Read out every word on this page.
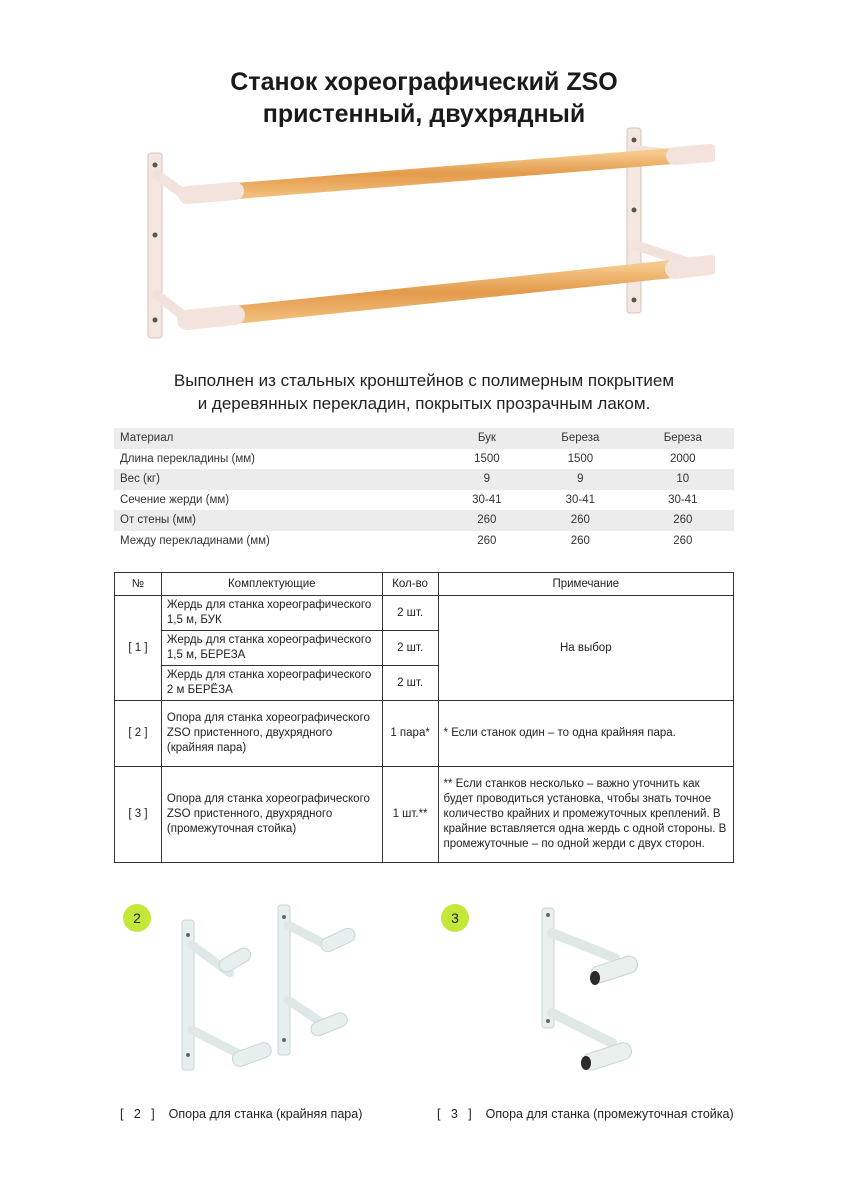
Станок хореографический ZSO
пристенный, двухрядный
Выполнен из стальных кронштейнов с полимерным покрытием
и деревянных перекладин, покрытых прозрачным лаком.
Материал	Бук	Береза	Береза
Длина перекладины (мм)	1500	1500	2000
Вес (кг)	9	9	10
Сечение жерди (мм)	30-41	30-41	30-41
От стены (мм)	260	260	260
Между перекладинами (мм)	260	260	260
№	Комплектующие	Кол-во	Примечание
[ 1 ]	Жердь для станка хореографического 1,5 м, БУК	2 шт.	На выбор
	Жердь для станка хореографического 1,5 м, БЕРЕЗА	2 шт.	
	Жердь для станка хореографического 2 м БЕРЁЗА	2 шт.	
[ 2 ]	Опора для станка хореографического ZSO пристенного, двухрядного (крайняя пара)	1 пара*	* Если станок один – то одна крайняя пара.
[ 3 ]	Опора для станка хореографического ZSO пристенного, двухрядного (промежуточная стойка)	1 шт.**	** Если станков несколько – важно уточнить как будет проводиться установка, чтобы знать точное количество крайних и промежуточных креплений. В крайние вставляется одна жердь с одной стороны. В промежуточные – по одной жерди с двух сторон.
2	3
[   2   ]    Опора для станка (крайняя пара)	[   3   ]    Опора для станка (промежуточная стойка)
